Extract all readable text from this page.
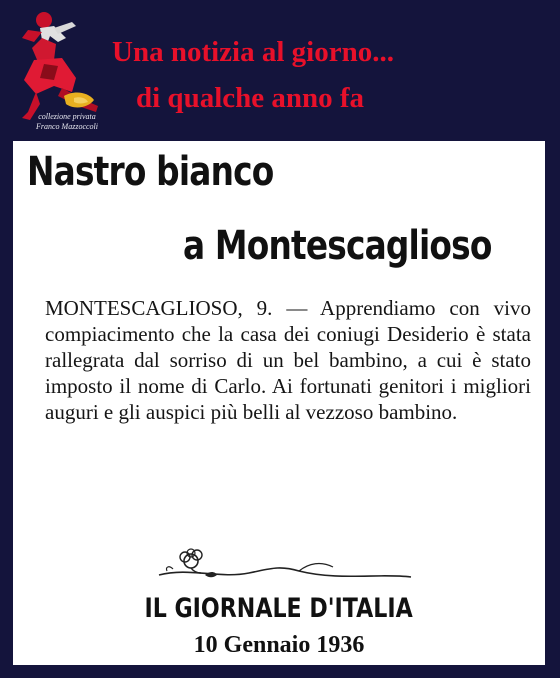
collezione privata
Franco Mazzoccoli
Una notizia al giorno...
di qualche anno fa
Nastro bianco
a Montescaglioso
MONTESCAGLIOSO, 9. — Apprendiamo con vivo compiacimento che la casa dei coniugi Desiderio è stata rallegrata dal sorriso di un bel bambino, a cui è stato imposto il nome di Carlo. Ai fortunati genitori i migliori auguri e gli auspici più belli al vezzoso bambino.
IL GIORNALE D'ITALIA
10 Gennaio 1936
